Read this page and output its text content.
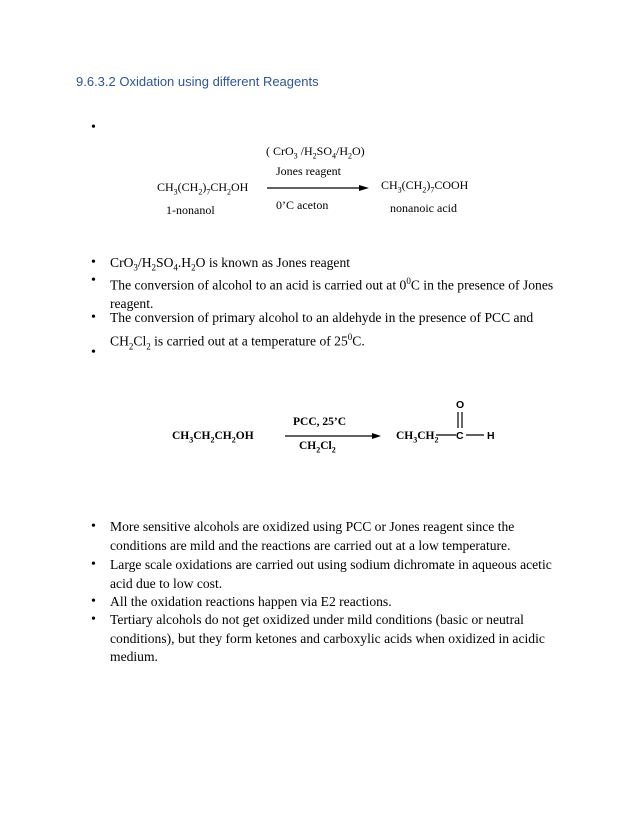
9.6.3.2 Oxidation using different Reagents
•
( CrO$_3$ $/H_2SO_4/H_2O$)
Jones reagent
$CH_3(CH_2)_7CH_2OH$	$CH_3(CH_2)_7COOH$
0’C aceton
1-nonanol	nonanoic acid
• $CrO_3/H_2SO_4.H_2O$ is known as Jones reagent
• The conversion of alcohol to an acid is carried out at $0^0C$ in the presence of Jones reagent.
• The conversion of primary alcohol to an aldehyde in the presence of PCC and $CH_2Cl_2$ is carried out at a temperature of $25^0C$.
•
$CH_3CH_2CH_2OH$
PCC, 25’C
$CH_2Cl_2$
$CH_3CH_2$
O
C H
• More sensitive alcohols are oxidized using PCC or Jones reagent since the conditions are mild and the reactions are carried out at a low temperature.
• Large scale oxidations are carried out using sodium dichromate in aqueous acetic acid due to low cost.
• All the oxidation reactions happen via E2 reactions.
• Tertiary alcohols do not get oxidized under mild conditions (basic or neutral conditions), but they form ketones and carboxylic acids when oxidized in acidic medium.
